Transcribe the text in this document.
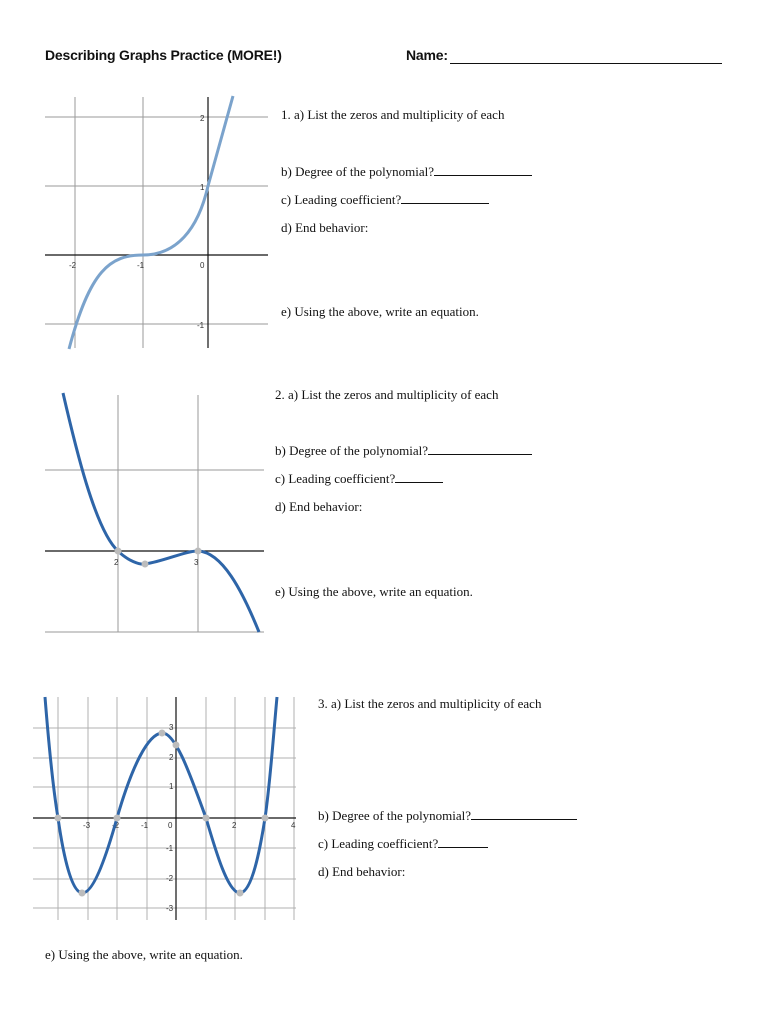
Describing Graphs Practice (MORE!)	Name:
-2	-1	0
2
1
-1
1. a) List the zeros and multiplicity of each
b) Degree of the polynomial?
c) Leading coefficient?
d) End behavior:
e) Using the above, write an equation.
2	3
2. a) List the zeros and multiplicity of each
b) Degree of the polynomial?
c) Leading coefficient?
d) End behavior:
e) Using the above, write an equation.
-3	-2	-1 0	2	4
3
2
1
-1
-2
-3
3. a) List the zeros and multiplicity of each
b) Degree of the polynomial?
c) Leading coefficient?
d) End behavior:
e) Using the above, write an equation.
